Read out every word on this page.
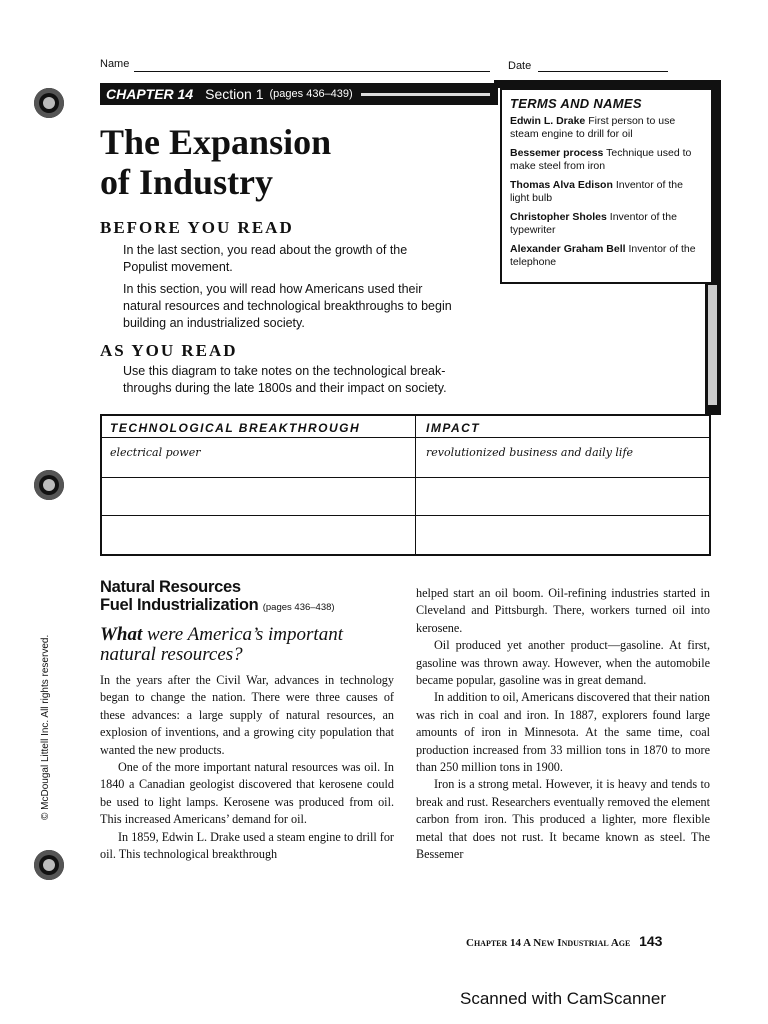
Name	Date
CHAPTER 14 Section 1 (pages 436–439)
TERMS AND NAMES
Edwin L. Drake First person to use steam engine to drill for oil
Bessemer process Technique used to make steel from iron
Thomas Alva Edison Inventor of the light bulb
Christopher Sholes Inventor of the typewriter
Alexander Graham Bell Inventor of the telephone
The Expansion
of Industry
BEFORE YOU READ
In the last section, you read about the growth of the Populist movement.
In this section, you will read how Americans used their natural resources and technological breakthroughs to begin building an industrialized society.
AS YOU READ
Use this diagram to take notes on the technological break-throughs during the late 1800s and their impact on society.
TECHNOLOGICAL BREAKTHROUGH	IMPACT
electrical power	revolutionized business and daily life
Natural Resources
Fuel Industrialization (pages 436–438)
What were America’s important natural resources?

In the years after the Civil War, advances in technology began to change the nation. There were three causes of these advances: a large supply of natural resources, an explosion of inventions, and a growing city population that wanted the new products.

One of the more important natural resources was oil. In 1840 a Canadian geologist discovered that kerosene could be used to light lamps. Kerosene was produced from oil. This increased Americans’ demand for oil.

In 1859, Edwin L. Drake used a steam engine to drill for oil. This technological breakthrough

helped start an oil boom. Oil-refining industries started in Cleveland and Pittsburgh. There, workers turned oil into kerosene.

Oil produced yet another product—gasoline. At first, gasoline was thrown away. However, when the automobile became popular, gasoline was in great demand.

In addition to oil, Americans discovered that their nation was rich in coal and iron. In 1887, explorers found large amounts of iron in Minnesota. At the same time, coal production increased from 33 million tons in 1870 to more than 250 million tons in 1900.

Iron is a strong metal. However, it is heavy and tends to break and rust. Researchers eventually removed the element carbon from iron. This produced a lighter, more flexible metal that does not rust. It became known as steel. The Bessemer

© McDougal Littell Inc. All rights reserved.
Chapter 14 A New Industrial Age 143
Scanned with CamScanner
